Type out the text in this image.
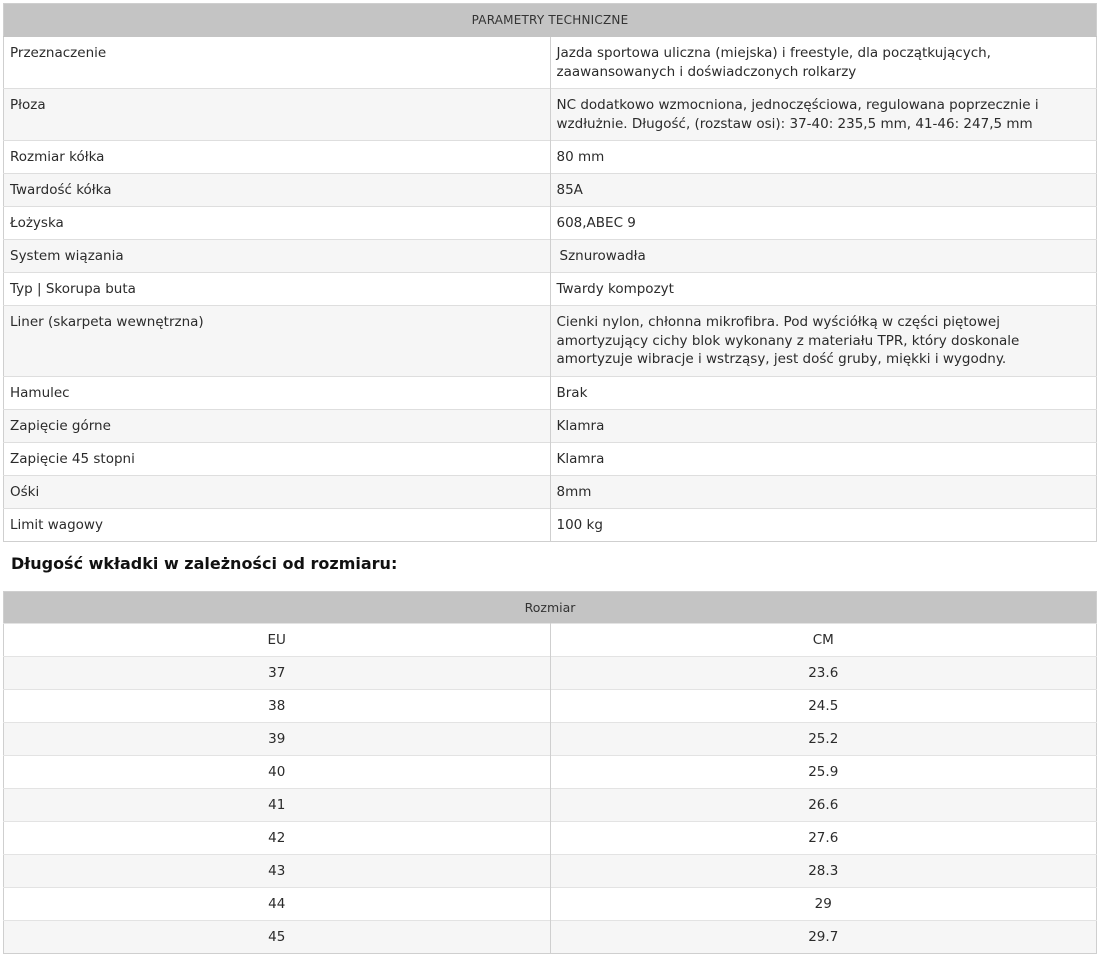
PARAMETRY TECHNICZNE	
Przeznaczenie	Jazda sportowa uliczna (miejska) i freestyle, dla początkujących, zaawansowanych i doświadczonych rolkarzy
Płoza	NC dodatkowo wzmocniona, jednoczęściowa, regulowana poprzecznie i wzdłużnie. Długość, (rozstaw osi): 37-40: 235,5 mm, 41-46: 247,5 mm
Rozmiar kółka	80 mm
Twardość kółka	85A
Łożyska	608,ABEC 9
System wiązania	Sznurowadła
Typ | Skorupa buta	Twardy kompozyt
Liner (skarpeta wewnętrzna)	Cienki nylon, chłonna mikrofibra. Pod wyściółką w części piętowej amortyzujący cichy blok wykonany z materiału TPR, który doskonale amortyzuje wibracje i wstrząsy, jest dość gruby, miękki i wygodny.
Hamulec	Brak
Zapięcie górne	Klamra
Zapięcie 45 stopni	Klamra
Ośki	8mm
Limit wagowy	100 kg
Długość wkładki w zależności od rozmiaru:
Rozmiar	
EU	CM
37	23.6
38	24.5
39	25.2
40	25.9
41	26.6
42	27.6
43	28.3
44	29
45	29.7
